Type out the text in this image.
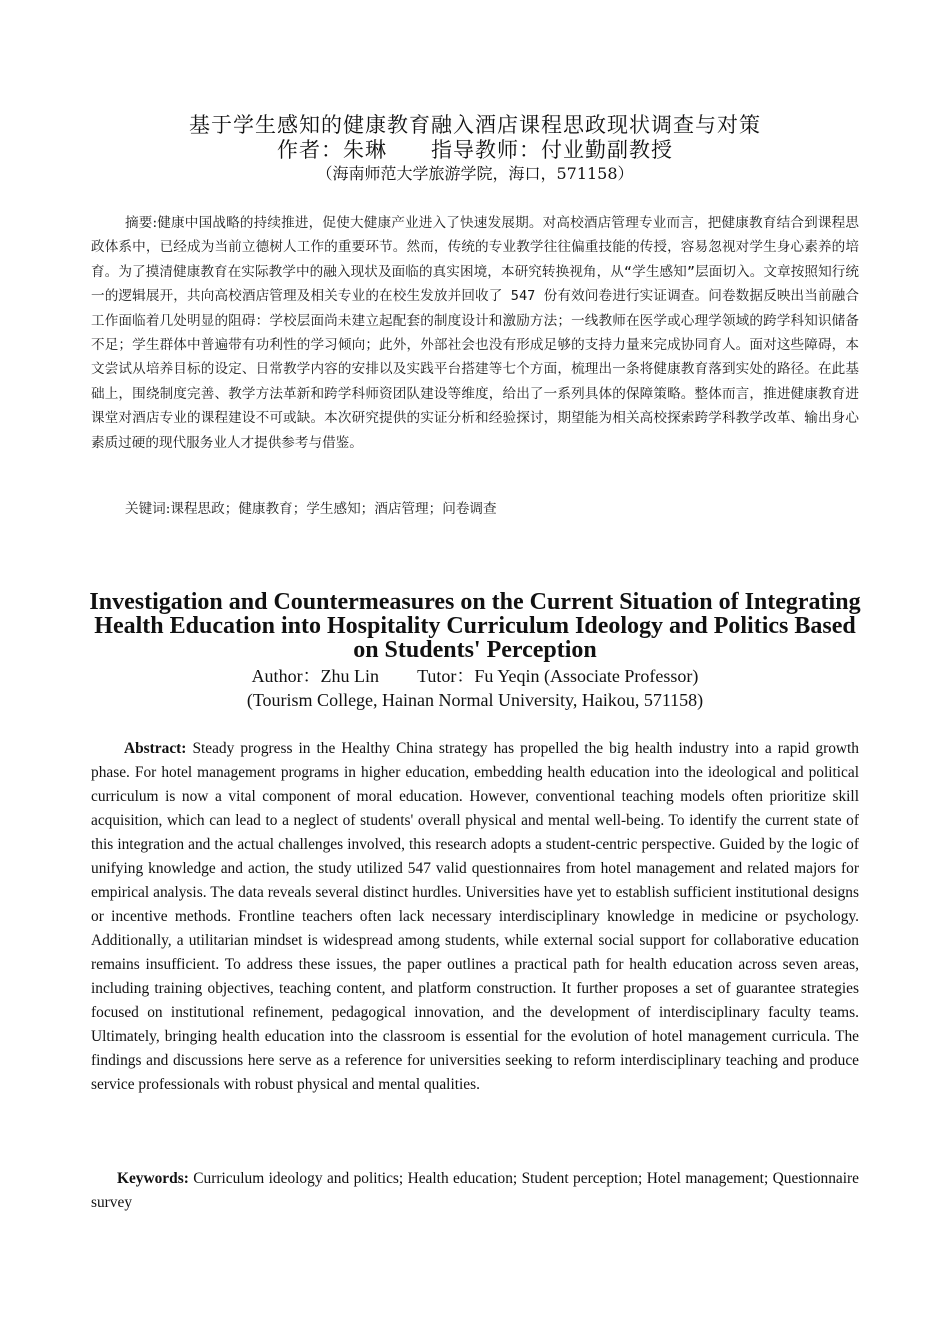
基于学生感知的健康教育融入酒店课程思政现状调查与对策
作者：朱琳 指导教师：付业勤副教授
（海南师范大学旅游学院，海口，571158）
摘要:健康中国战略的持续推进，促使大健康产业进入了快速发展期。对高校酒店管理专业而言，把健康教育结合到课程思政体系中，已经成为当前立德树人工作的重要环节。然而，传统的专业教学往往偏重技能的传授，容易忽视对学生身心素养的培育。为了摸清健康教育在实际教学中的融入现状及面临的真实困境，本研究转换视角，从“学生感知”层面切入。文章按照知行统一的逻辑展开，共向高校酒店管理及相关专业的在校生发放并回收了 547 份有效问卷进行实证调查。问卷数据反映出当前融合工作面临着几处明显的阻碍：学校层面尚未建立起配套的制度设计和激励方法；一线教师在医学或心理学领域的跨学科知识储备不足；学生群体中普遍带有功利性的学习倾向；此外，外部社会也没有形成足够的支持力量来完成协同育人。面对这些障碍，本文尝试从培养目标的设定、日常教学内容的安排以及实践平台搭建等七个方面，梳理出一条将健康教育落到实处的路径。在此基础上，围绕制度完善、教学方法革新和跨学科师资团队建设等维度，给出了一系列具体的保障策略。整体而言，推进健康教育进课堂对酒店专业的课程建设不可或缺。本次研究提供的实证分析和经验探讨，期望能为相关高校探索跨学科教学改革、输出身心素质过硬的现代服务业人才提供参考与借鉴。
关键词:课程思政；健康教育；学生感知；酒店管理；问卷调查
Investigation and Countermeasures on the Current Situation of Integrating Health Education into Hospitality Curriculum Ideology and Politics Based on Students' Perception
Author：Zhu Lin Tutor：Fu Yeqin (Associate Professor)
(Tourism College, Hainan Normal University, Haikou, 571158)
Abstract: Steady progress in the Healthy China strategy has propelled the big health industry into a rapid growth phase. For hotel management programs in higher education, embedding health education into the ideological and political curriculum is now a vital component of moral education. However, conventional teaching models often prioritize skill acquisition, which can lead to a neglect of students' overall physical and mental well-being. To identify the current state of this integration and the actual challenges involved, this research adopts a student-centric perspective. Guided by the logic of unifying knowledge and action, the study utilized 547 valid questionnaires from hotel management and related majors for empirical analysis. The data reveals several distinct hurdles. Universities have yet to establish sufficient institutional designs or incentive methods. Frontline teachers often lack necessary interdisciplinary knowledge in medicine or psychology. Additionally, a utilitarian mindset is widespread among students, while external social support for collaborative education remains insufficient. To address these issues, the paper outlines a practical path for health education across seven areas, including training objectives, teaching content, and platform construction. It further proposes a set of guarantee strategies focused on institutional refinement, pedagogical innovation, and the development of interdisciplinary faculty teams. Ultimately, bringing health education into the classroom is essential for the evolution of hotel management curricula. The findings and discussions here serve as a reference for universities seeking to reform interdisciplinary teaching and produce service professionals with robust physical and mental qualities.
Keywords: Curriculum ideology and politics; Health education; Student perception; Hotel management; Questionnaire survey
